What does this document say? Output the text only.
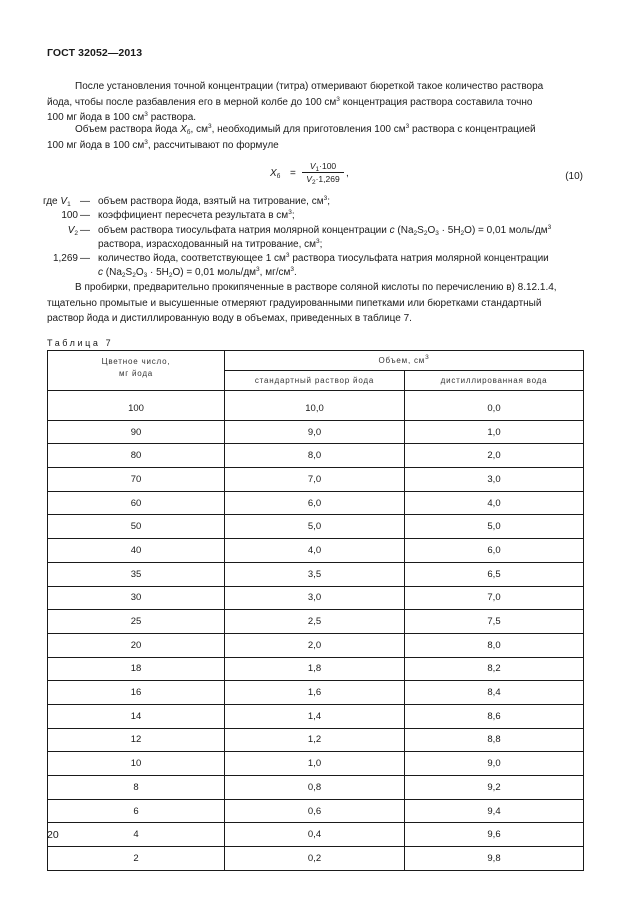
ГОСТ 32052—2013
После установления точной концентрации (титра) отмеривают бюреткой такое количество раствора
йода, чтобы после разбавления его в мерной колбе до 100 $см^3$ концентрация раствора составила точно
100 мг йода в 100 $см^3$ раствора.
Объем раствора йода $X_б$, $см^3$, необходимый для приготовления 100 $см^3$ раствора с концентрацией
100 мг йода в 100 $см^3$, рассчитывают по формуле
$X_б$ =
$V_1\cdot 100$
$V_2\cdot 1,269$ ,	(10)
где $V_1$ — объем раствора йода, взятый на титрование, $см^3$;
100 — коэффициент пересчета результата в $см^3$;
$V_2$ — объем раствора тиосульфата натрия молярной концентрации c $(Na_2S_2O_3 \cdot 5H_2O) = 0,01$ моль/$дм^3$
раствора, израсходованный на титрование, $см^3$;
1,269 — количество йода, соответствующее 1 $см^3$ раствора тиосульфата натрия молярной концентрации
c $(Na_2S_2O_3 \cdot 5H_2O) = 0,01$ моль/$дм^3$, $мг/см^3$.
В пробирки, предварительно прокипяченные в растворе соляной кислоты по перечислению в) 8.12.1.4,
тщательно промытые и высушенные отмеряют градуированными пипетками или бюретками стандартный
раствор йода и дистиллированную воду в объемах, приведенных в таблице 7.
Таблица 7
Цветное число,
мг йода	Объем, $см^3$
	стандартный раствор йода	дистиллированная вода
100	10,0	0,0
90	9,0	1,0
80	8,0	2,0
70	7,0	3,0
60	6,0	4,0
50	5,0	5,0
40	4,0	6,0
35	3,5	6,5
30	3,0	7,0
25	2,5	7,5
20	2,0	8,0
18	1,8	8,2
16	1,6	8,4
14	1,4	8,6
12	1,2	8,8
10	1,0	9,0
8	0,8	9,2
6	0,6	9,4
4	0,4	9,6
2	0,2	9,8
20
